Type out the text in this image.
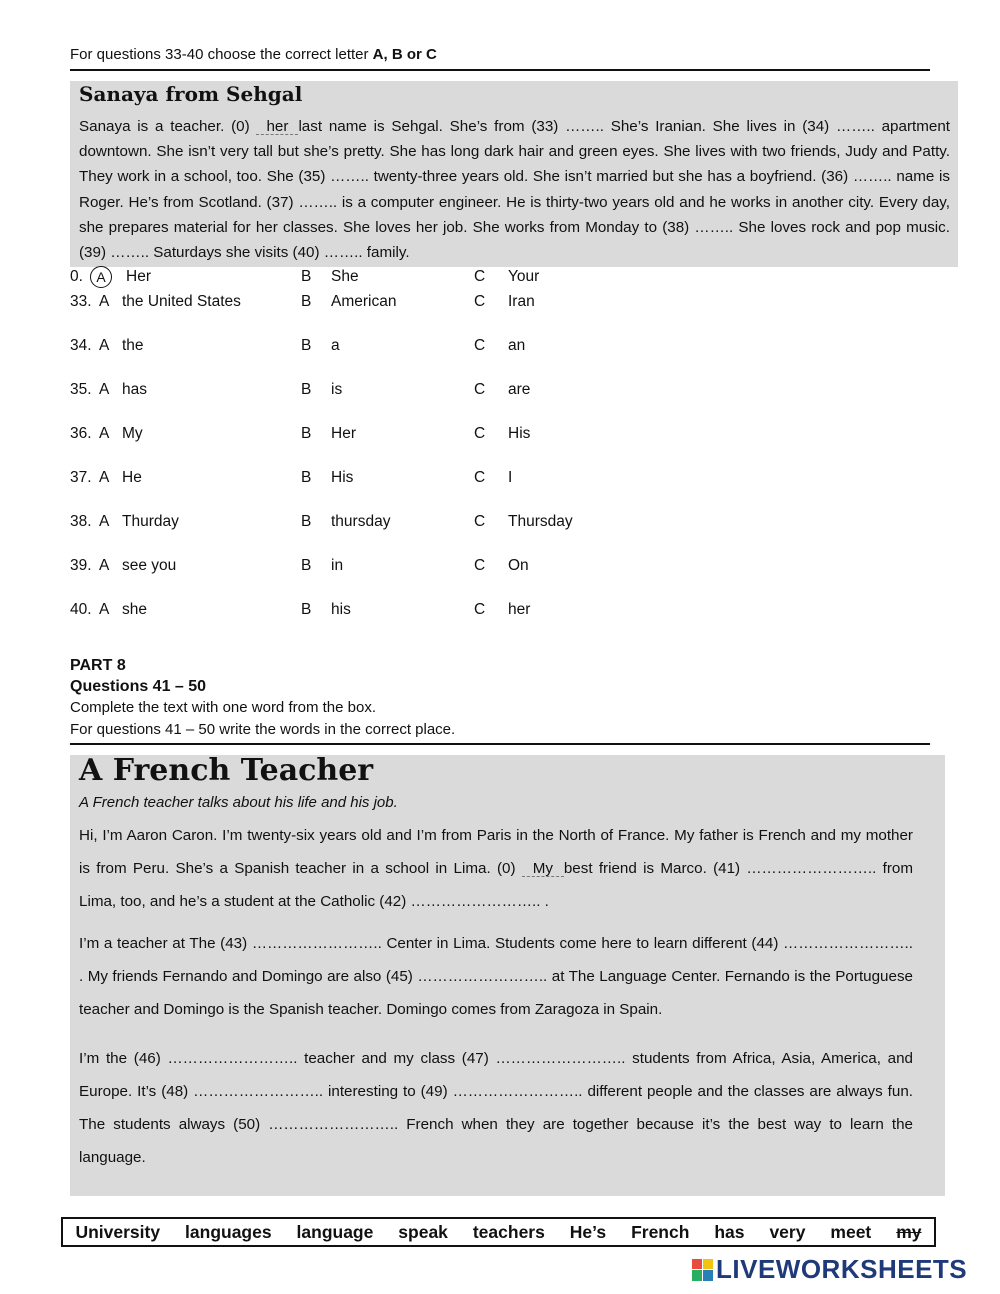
For questions 33-40 choose the correct letter A, B or C
Sanaya from Sehgal
Sanaya is a teacher. (0) her last name is Sehgal. She’s from (33) …….. She’s Iranian. She lives in (34) …….. apartment downtown. She isn’t very tall but she’s pretty. She has long dark hair and green eyes. She lives with two friends, Judy and Patty. They work in a school, too. She (35) …….. twenty-three years old. She isn’t married but she has a boyfriend. (36) …….. name is Roger. He’s from Scotland. (37) …….. is a computer engineer. He is thirty-two years old and he works in another city. Every day, she prepares material for her classes. She loves her job. She works from Monday to (38) …….. She loves rock and pop music. (39) …….. Saturdays she visits (40) …….. family.
0. A	Her	B She	C Your
33. A the United States	B American	C Iran
34. A the	B a	C an
35. A has	B is	C are
36. A My	B Her	C His
37. A He	B His	C I
38. A Thurday	B thursday	C Thursday
39. A see you	B in	C On
40. A she	B his	C her
PART 8
Questions 41 – 50
Complete the text with one word from the box.
For questions 41 – 50 write the words in the correct place.
A French Teacher
A French teacher talks about his life and his job.
Hi, I’m Aaron Caron. I’m twenty-six years old and I’m from Paris in the North of France. My father is French and my mother is from Peru. She’s a Spanish teacher in a school in Lima. (0) My best friend is Marco. (41) …………………….. from Lima, too, and he’s a student at the Catholic (42) …………………….. .
I’m a teacher at The (43) …………………….. Center in Lima. Students come here to learn different (44) …………………….. . My friends Fernando and Domingo are also (45) …………………….. at The Language Center. Fernando is the Portuguese teacher and Domingo is the Spanish teacher. Domingo comes from Zaragoza in Spain.
I’m the (46) …………………….. teacher and my class (47) …………………….. students from Africa, Asia, America, and Europe. It’s (48) …………………….. interesting to (49) …………………….. different people and the classes are always fun. The students always (50) …………………….. French when they are together because it’s the best way to learn the language.
University languages language speak teachers He’s French has very meet my
LIVEWORKSHEETS
